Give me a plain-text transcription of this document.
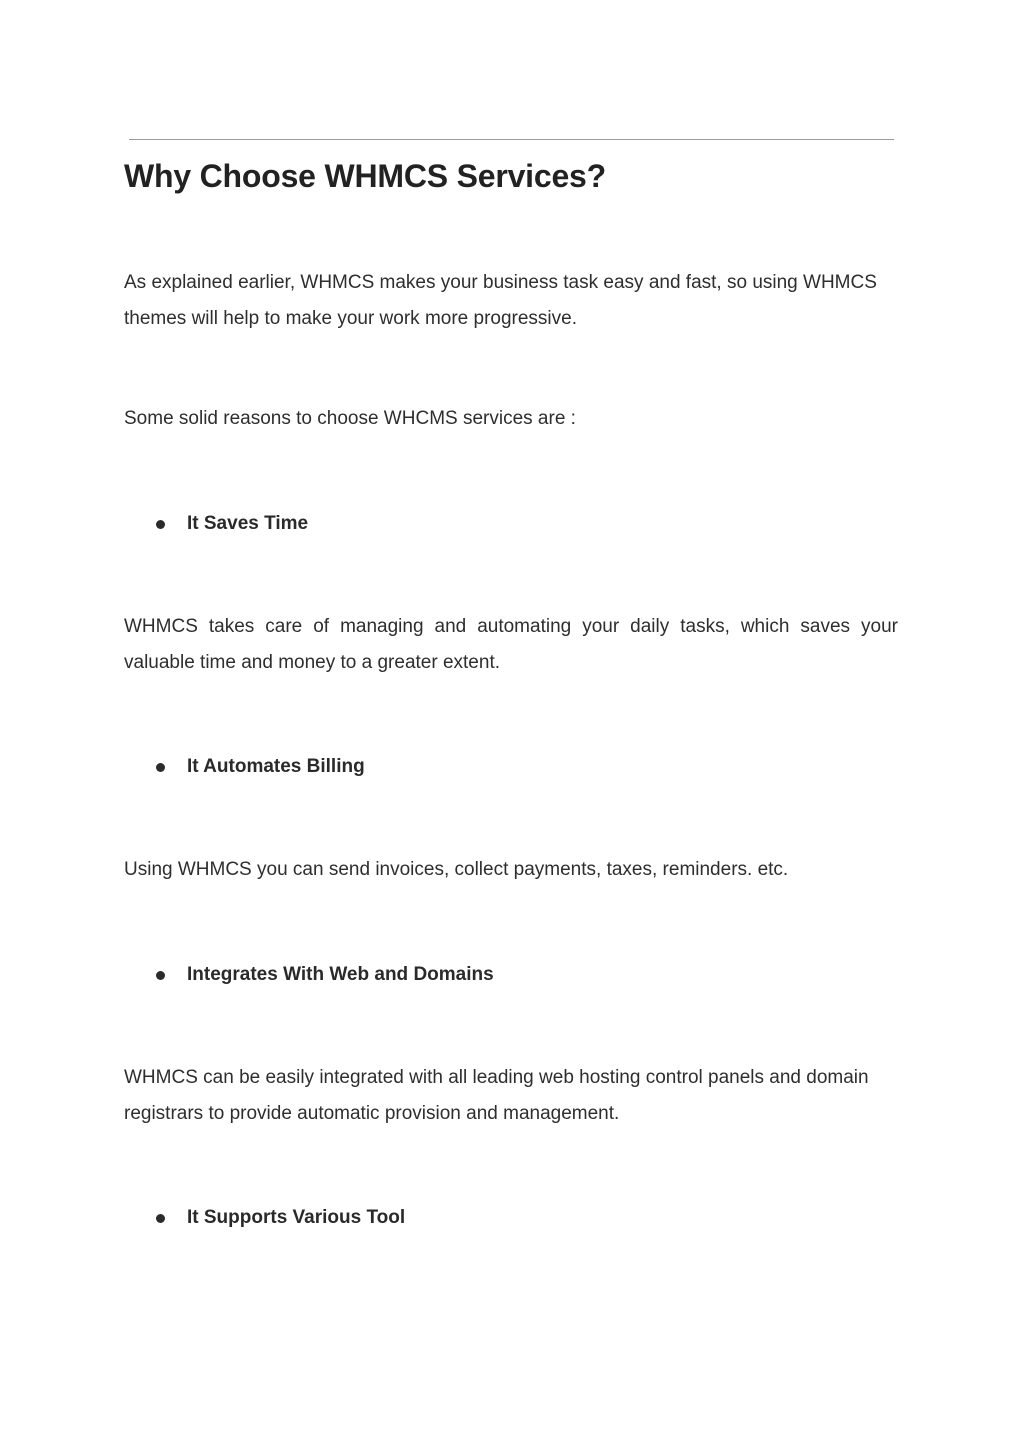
Why Choose WHMCS Services?

As explained earlier, WHMCS makes your business task easy and fast, so using WHMCS themes will help to make your work more progressive.

Some solid reasons to choose WHCMS services are :

It Saves Time

WHMCS takes care of managing and automating your daily tasks, which saves your valuable time and money to a greater extent.

It Automates Billing

Using WHMCS you can send invoices, collect payments, taxes, reminders. etc.

Integrates With Web and Domains

WHMCS can be easily integrated with all leading web hosting control panels and domain registrars to provide automatic provision and management.

It Supports Various Tool
